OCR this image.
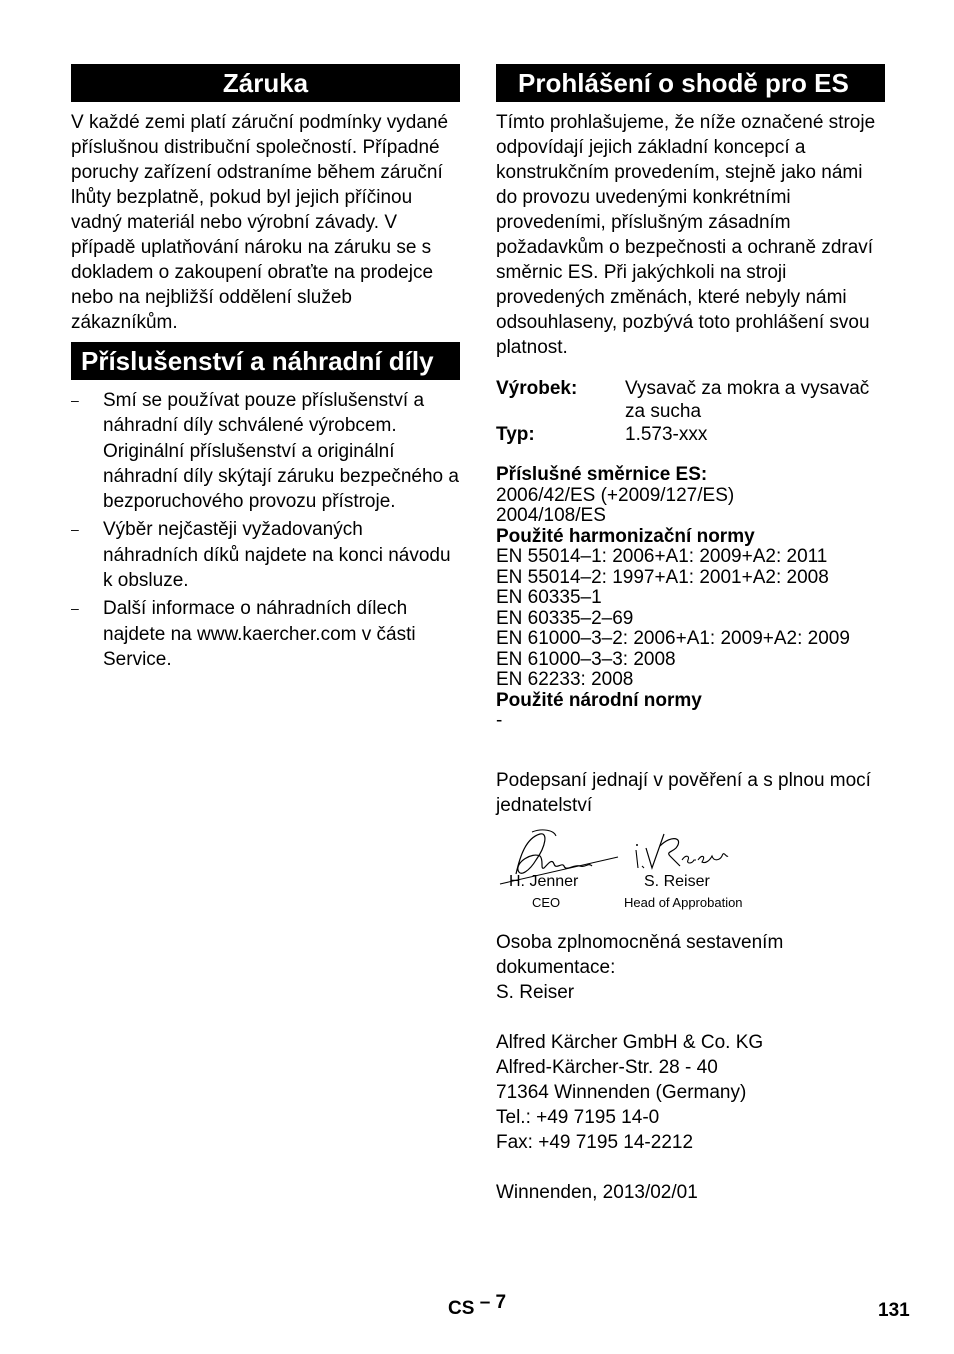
Záruka

V každé zemi platí záruční podmínky vydané příslušnou distribuční společností. Případné poruchy zařízení odstraníme během záruční lhůty bezplatně, pokud byl jejich příčinou vadný materiál nebo výrobní závady. V případě uplatňování nároku na záruku se s dokladem o zakoupení obraťte na prodejce nebo na nejbližší oddělení služeb zákazníkům.

Příslušenství a náhradní díly
– Smí se používat pouze příslušenství a náhradní díly schválené výrobcem. Originální příslušenství a originální náhradní díly skýtají záruku bezpečného a bezporuchového provozu přístroje.
– Výběr nejčastěji vyžadovaných náhradních díků najdete na konci návodu k obsluze.
– Další informace o náhradních dílech najdete na www.kaercher.com v části Service.
Prohlášení o shodě pro ES

Tímto prohlašujeme, že níže označené stroje odpovídají jejich základní koncepcí a konstrukčním provedením, stejně jako námi do provozu uvedenými konkrétními provedeními, příslušným zásadním požadavkům o bezpečnosti a ochraně zdraví směrnic ES. Při jakýchkoli na stroji provedených změnách, které nebyly námi odsouhlaseny, pozbývá toto prohlášení svou platnost.

Výrobek:	Vysavač za mokra a vysavač za sucha
Typ:	1.573-xxx
Příslušné směrnice ES:
2006/42/ES (+2009/127/ES)
2004/108/ES
Použité harmonizační normy
EN 55014–1: 2006+A1: 2009+A2: 2011
EN 55014–2: 1997+A1: 2001+A2: 2008
EN 60335–1
EN 60335–2–69
EN 61000–3–2: 2006+A1: 2009+A2: 2009
EN 61000–3–3: 2008
EN 62233: 2008
Použité národní normy
-

Podepsaní jednají v pověření a s plnou mocí jednatelství

H. Jenner
CEO
S. Reiser
Head of Approbation

Osoba zplnomocněná sestavením dokumentace:

S. Reiser

Alfred Kärcher GmbH & Co. KG

Alfred-Kärcher-Str. 28 - 40

71364 Winnenden (Germany)

Tel.: +49 7195 14-0

Fax: +49 7195 14-2212

Winnenden, 2013/02/01

CS – 7	131
